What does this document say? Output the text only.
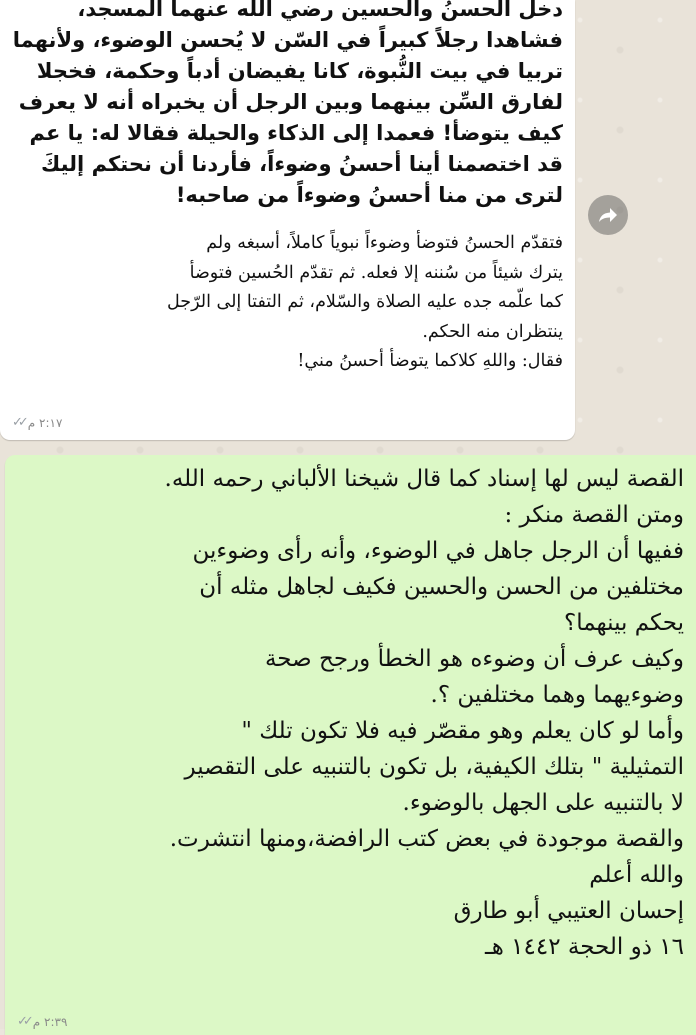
دخل الحسنُ والحسين رضي الله عنهما المسجد،

فشاهدا رجلاً كبيراً في السّن لا يُحسن الوضوء، ولأنهما

تربيا في بيت النُّبوة، كانا يفيضان أدباً وحكمة، فخجلا

لفارق السِّن بينهما وبين الرجل أن يخبراه أنه لا يعرف

كيف يتوضأ! فعمدا إلى الذكاء والحيلة فقالا له: يا عم

قد اختصمنا أينا أحسنُ وضوءاً، فأردنا أن نحتكم إليكَ

لترى من منا أحسنُ وضوءاً من صاحبه!

فتقدّم الحسنُ فتوضأ وضوءاً نبوياً كاملاً، أسبغه ولم

يترك شيئاً من سُننه إلا فعله. ثم تقدّم الحُسين فتوضأ

كما علّمه جده عليه الصلاة والسّلام، ثم التفتا إلى الرّجل

ينتظران منه الحكم.

فقال: واللهِ كلاكما يتوضأ أحسنُ مني!

✓✓ ٢:١٧ م

القصة ليس لها إسناد كما قال شيخنا الألباني رحمه الله.

ومتن القصة منكر :

ففيها أن الرجل جاهل في الوضوء، وأنه رأى وضوءين

مختلفين من الحسن والحسين فكيف لجاهل مثله أن

يحكم بينهما؟

وكيف عرف أن وضوءه هو الخطأ ورجح صحة

وضوءيهما وهما مختلفين ؟.

وأما لو كان يعلم وهو مقصّر فيه فلا تكون تلك "

التمثيلية " بتلك الكيفية، بل تكون بالتنبيه على التقصير

لا بالتنبيه على الجهل بالوضوء.

والقصة موجودة في بعض كتب الرافضة،ومنها انتشرت.

والله أعلم

إحسان العتيبي أبو طارق

١٦ ذو الحجة ١٤٤٢ هـ

✓✓ ٢:٣٩ م
